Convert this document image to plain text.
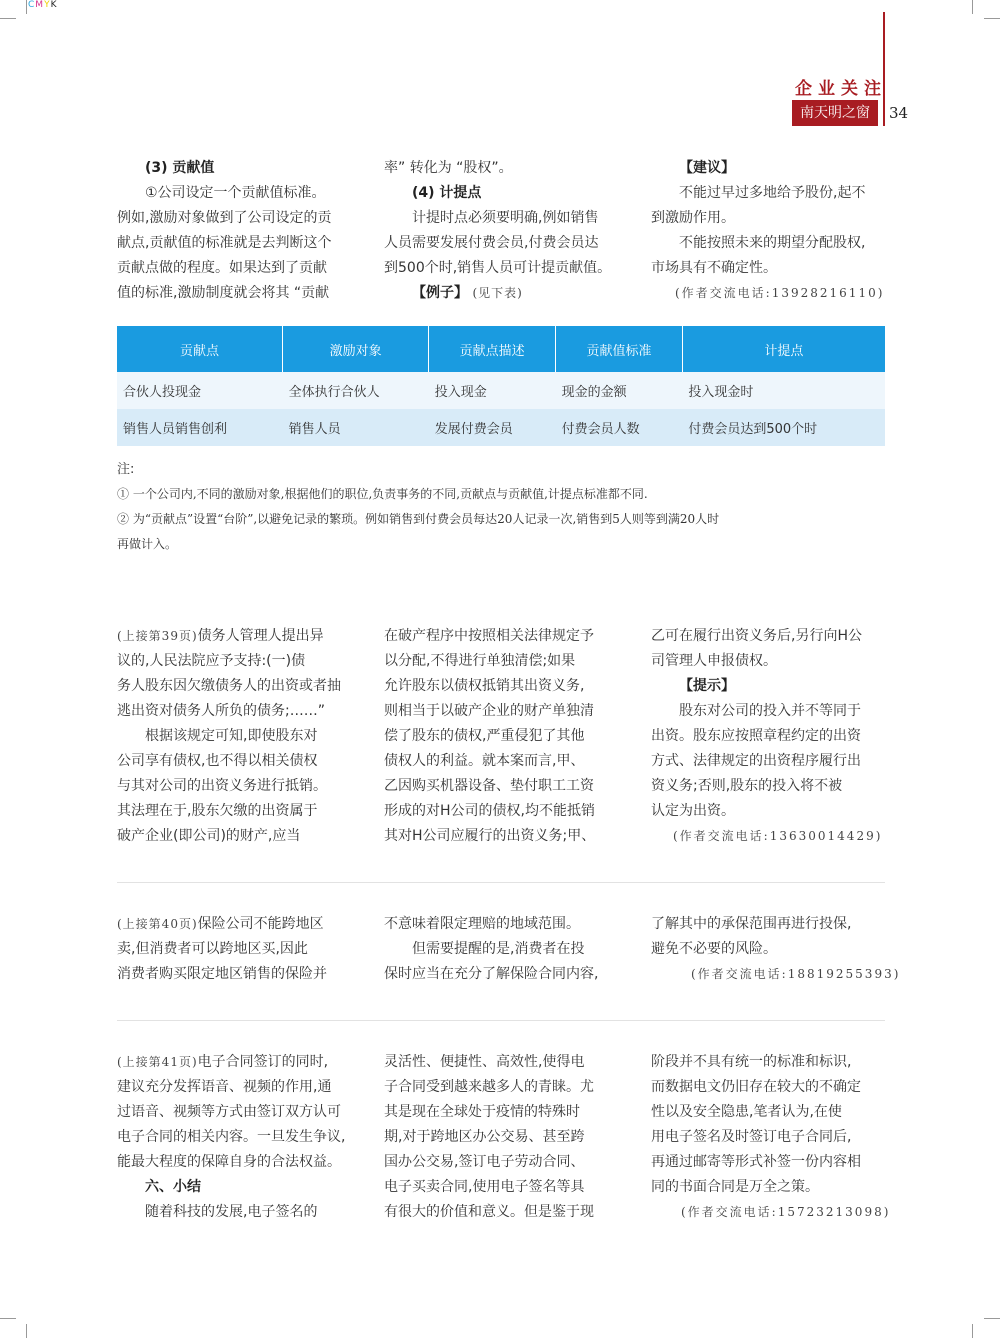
CMYK
企业关注
南天明之窗	34

(3) 贡献值

①公司设定一个贡献值标准。

例如,激励对象做到了公司设定的贡

献点,贡献值的标准就是去判断这个

贡献点做的程度。如果达到了贡献

值的标准,激励制度就会将其 “贡献

率” 转化为 “股权”。

(4) 计提点

计提时点必须要明确,例如销售

人员需要发展付费会员,付费会员达

到500个时,销售人员可计提贡献值。

【例子】 (见下表)

【建议】

不能过早过多地给予股份,起不

到激励作用。

不能按照未来的期望分配股权,

市场具有不确定性。

(作者交流电话:13928216110)

贡献点	激励对象	贡献点描述	贡献值标准	计提点
合伙人投现金	全体执行合伙人	投入现金	现金的金额	投入现金时
销售人员销售创利	销售人员	发展付费会员	付费会员人数	付费会员达到500个时

注:

① 一个公司内,不同的激励对象,根据他们的职位,负责事务的不同,贡献点与贡献值,计提点标准都不同.

② 为“贡献点”设置“台阶”,以避免记录的繁琐。例如销售到付费会员每达20人记录一次,销售到5人则等到满20人时

再做计入。

(上接第39页)债务人管理人提出异

议的,人民法院应予支持:(一)债

务人股东因欠缴债务人的出资或者抽

逃出资对债务人所负的债务;……”

根据该规定可知,即使股东对

公司享有债权,也不得以相关债权

与其对公司的出资义务进行抵销。

其法理在于,股东欠缴的出资属于

破产企业(即公司)的财产,应当

在破产程序中按照相关法律规定予

以分配,不得进行单独清偿;如果

允许股东以债权抵销其出资义务,

则相当于以破产企业的财产单独清

偿了股东的债权,严重侵犯了其他

债权人的利益。就本案而言,甲、

乙因购买机器设备、垫付职工工资

形成的对H公司的债权,均不能抵销

其对H公司应履行的出资义务;甲、

乙可在履行出资义务后,另行向H公

司管理人申报债权。

【提示】

股东对公司的投入并不等同于

出资。股东应按照章程约定的出资

方式、法律规定的出资程序履行出

资义务;否则,股东的投入将不被

认定为出资。

(作者交流电话:13630014429)

(上接第40页)保险公司不能跨地区

卖,但消费者可以跨地区买,因此

消费者购买限定地区销售的保险并

不意味着限定理赔的地域范围。

但需要提醒的是,消费者在投

保时应当在充分了解保险合同内容,

了解其中的承保范围再进行投保,

避免不必要的风险。

(作者交流电话:18819255393)

(上接第41页)电子合同签订的同时,

建议充分发挥语音、视频的作用,通

过语音、视频等方式由签订双方认可

电子合同的相关内容。一旦发生争议,

能最大程度的保障自身的合法权益。

六、小结

随着科技的发展,电子签名的

灵活性、便捷性、高效性,使得电

子合同受到越来越多人的青睐。尤

其是现在全球处于疫情的特殊时

期,对于跨地区办公交易、甚至跨

国办公交易,签订电子劳动合同、

电子买卖合同,使用电子签名等具

有很大的价值和意义。但是鉴于现

阶段并不具有统一的标准和标识,

而数据电文仍旧存在较大的不确定

性以及安全隐患,笔者认为,在使

用电子签名及时签订电子合同后,

再通过邮寄等形式补签一份内容相

同的书面合同是万全之策。

(作者交流电话:15723213098)
